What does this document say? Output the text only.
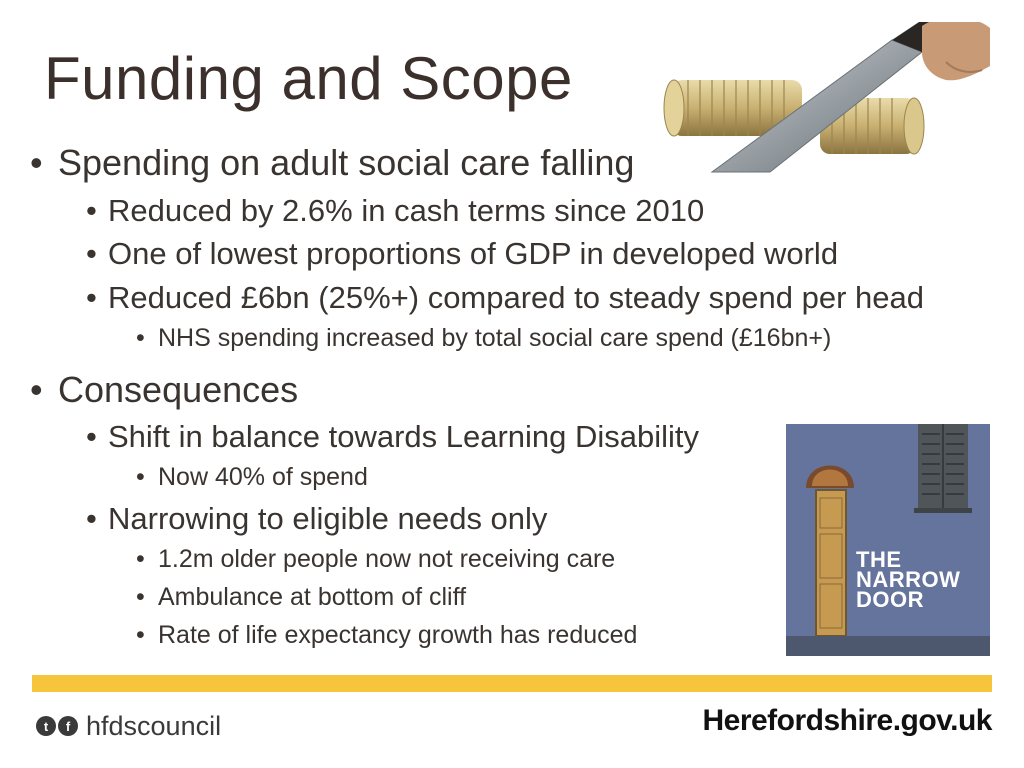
Funding and Scope
• Spending on adult social care falling
• Reduced by 2.6% in cash terms since 2010
• One of lowest proportions of GDP in developed world
• Reduced £6bn (25%+) compared to steady spend per head
• NHS spending increased by total social care spend (£16bn+)
• Consequences
• Shift in balance towards Learning Disability
• Now 40% of spend
• Narrowing to eligible needs only
• 1.2m older people now not receiving care
• Ambulance at bottom of cliff
• Rate of life expectancy growth has reduced
THE
NARROW
DOOR
t	f hfdscouncil	Herefordshire.gov.uk
